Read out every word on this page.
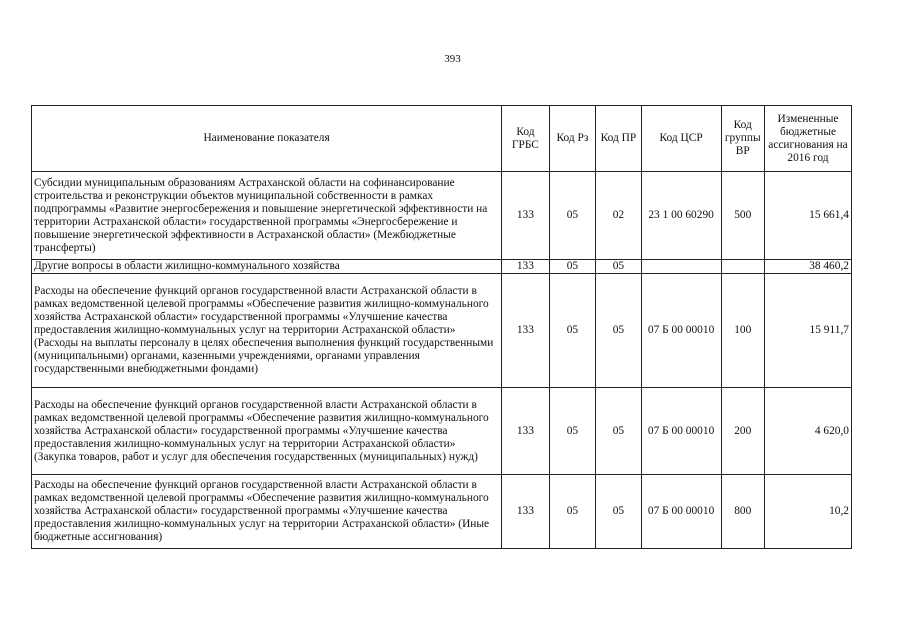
393
Наименование показателя	Код ГРБС	Код Рз	Код ПР	Код ЦСР	Код группы ВР	Измененные бюджетные ассигнования на 2016 год
Субсидии муниципальным образованиям Астраханской области на софинансирование строительства и реконструкции объектов муниципальной собственности в рамках подпрограммы «Развитие энергосбережения и повышение энергетической эффективности на территории Астраханской области» государственной программы «Энергосбережение и повышение энергетической эффективности в Астраханской области» (Межбюджетные трансферты)	133	05	02	23 1 00 60290	500	15 661,4
Другие вопросы в области жилищно-коммунального хозяйства	133	05	05			38 460,2
Расходы на обеспечение функций органов государственной власти Астраханской области в рамках ведомственной целевой программы «Обеспечение развития жилищно-коммунального хозяйства Астраханской области» государственной программы «Улучшение качества предоставления жилищно-коммунальных услуг на территории Астраханской области» (Расходы на выплаты персоналу в целях обеспечения выполнения функций государственными (муниципальными) органами, казенными учреждениями, органами управления государственными внебюджетными фондами)	133	05	05	07 Б 00 00010	100	15 911,7
Расходы на обеспечение функций органов государственной власти Астраханской области в рамках ведомственной целевой программы «Обеспечение развития жилищно-коммунального хозяйства Астраханской области» государственной программы «Улучшение качества предоставления жилищно-коммунальных услуг на территории Астраханской области» (Закупка товаров, работ и услуг для обеспечения государственных (муниципальных) нужд)	133	05	05	07 Б 00 00010	200	4 620,0
Расходы на обеспечение функций органов государственной власти Астраханской области в рамках ведомственной целевой программы «Обеспечение развития жилищно-коммунального хозяйства Астраханской области» государственной программы «Улучшение качества предоставления жилищно-коммунальных услуг на территории Астраханской области» (Иные бюджетные ассигнования)	133	05	05	07 Б 00 00010	800	10,2
